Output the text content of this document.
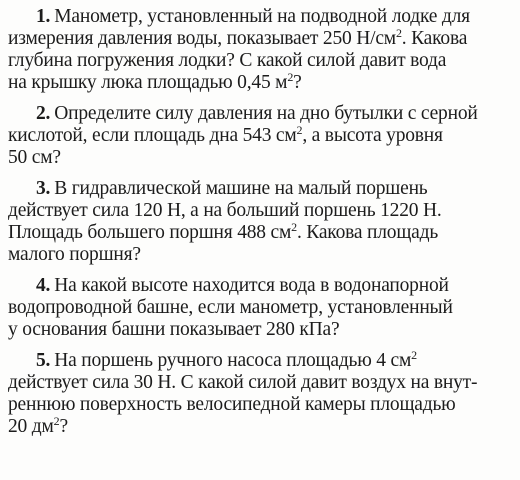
1. Манометр, установленный на подводной лодке для
измерения давления воды, показывает 250 $Н/см^2$. Какова
глубина погружения лодки? С какой силой давит вода
на крышку люка площадью 0,45 $м^2$?
2. Определите силу давления на дно бутылки с серной
кислотой, если площадь дна 543 $см^2$, а высота уровня
50 см?
3. В гидравлической машине на малый поршень
действует сила 120 Н, а на больший поршень 1220 Н.
Площадь большего поршня 488 $см^2$. Какова площадь
малого поршня?
4. На какой высоте находится вода в водонапорной
водопроводной башне, если манометр, установленный
у основания башни показывает 280 кПа?
5. На поршень ручного насоса площадью 4 $см^2$
действует сила 30 Н. С какой силой давит воздух на внут-
реннюю поверхность велосипедной камеры площадью
20 $дм^2$?
